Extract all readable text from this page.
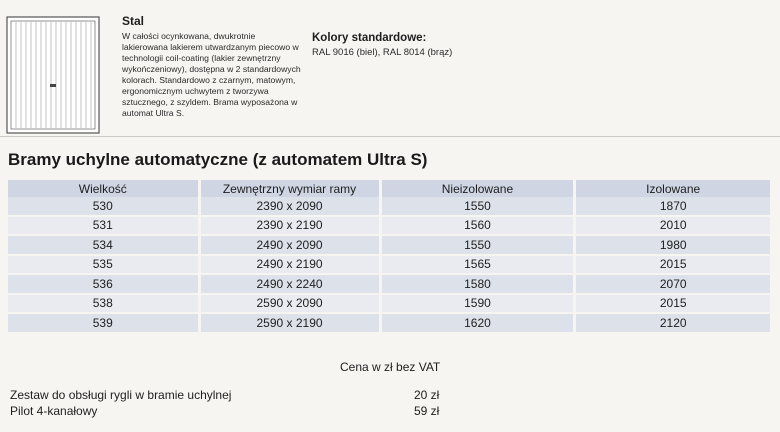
Stal
W całości ocynkowana, dwukrotnie lakierowana lakierem utwardzanym piecowo w technologii coil-coating (lakier zewnętrzny wykończeniowy), dostępna w 2 standardowych kolorach. Standardowo z czarnym, matowym, ergonomicznym uchwytem z tworzywa sztucznego, z szyldem. Brama wyposażona w automat Ultra S.
Kolory standardowe:
RAL 9016 (biel), RAL 8014 (brąz)
Bramy uchylne automatyczne (z automatem Ultra S)
Wielkość	Zewnętrzny wymiar ramy	Nieizolowane	Izolowane
530	2390 x 2090	1550	1870
531	2390 x 2190	1560	2010
534	2490 x 2090	1550	1980
535	2490 x 2190	1565	2015
536	2490 x 2240	1580	2070
538	2590 x 2090	1590	2015
539	2590 x 2190	1620	2120
Cena w zł bez VAT
Zestaw do obsługi rygli w bramie uchylnej	20 zł
Pilot 4-kanałowy	59 zł
